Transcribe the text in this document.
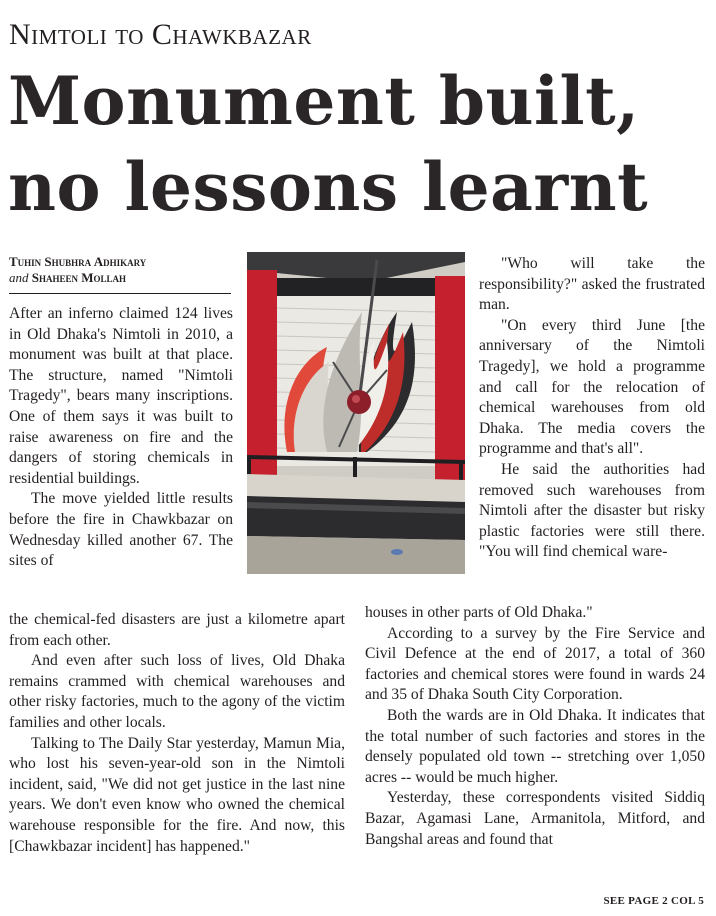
Nimtoli to Chawkbazar
Monument built,
no lessons learnt
Tuhin Shubhra Adhikary
and Shaheen Mollah

After an inferno claimed 124 lives in Old Dhaka's Nimtoli in 2010, a monument was built at that place. The structure, named "Nimtoli Tragedy", bears many inscriptions. One of them says it was built to raise awareness on fire and the dangers of storing chemicals in residential buildings.

The move yielded little results before the fire in Chawkbazar on Wednesday killed another 67. The sites of

the chemical-fed disasters are just a kilometre apart from each other.

And even after such loss of lives, Old Dhaka remains crammed with chemical warehouses and other risky factories, much to the agony of the victim families and other locals.

Talking to The Daily Star yesterday, Mamun Mia, who lost his seven-year-old son in the Nimtoli incident, said, "We did not get justice in the last nine years. We don't even know who owned the chemical warehouse responsible for the fire. And now, this [Chawkbazar incident] has happened."

"Who will take the responsibility?" asked the frustrated man.

"On every third June [the anniversary of the Nimtoli Tragedy], we hold a programme and call for the relocation of chemical warehouses from old Dhaka. The media covers the programme and that's all".

He said the authorities had removed such warehouses from Nimtoli after the disaster but risky plastic factories were still there. "You will find chemical ware-

houses in other parts of Old Dhaka."

According to a survey by the Fire Service and Civil Defence at the end of 2017, a total of 360 factories and chemical stores were found in wards 24 and 35 of Dhaka South City Corporation.

Both the wards are in Old Dhaka. It indicates that the total number of such factories and stores in the densely populated old town -- stretching over 1,050 acres -- would be much higher.

Yesterday, these correspondents visited Siddiq Bazar, Agamasi Lane, Armanitola, Mitford, and Bangshal areas and found that

SEE PAGE 2 COL 5
